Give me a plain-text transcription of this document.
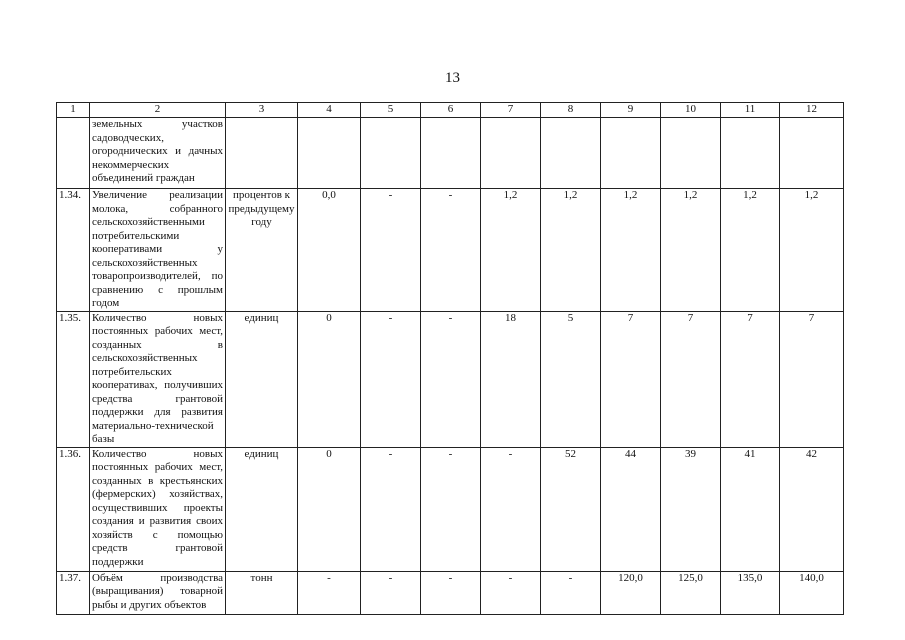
13
1	2	3	4	5	6	7	8	9	10	11	12
	земельных участков садоводческих, огороднических и дачных некоммерческих объединений граждан										
1.34.	Увеличение реализации молока, собранного сельскохозяйственными потребительскими кооперативами у сельскохозяйственных товаропроизводителей, по сравнению с прошлым годом	процентов к предыдущему году	0,0	-	-	1,2	1,2	1,2	1,2	1,2	1,2
1.35.	Количество новых постоянных рабочих мест, созданных в сельскохозяйственных потребительских кооперативах, получивших средства грантовой поддержки для развития материально-технической базы	единиц	0	-	-	18	5	7	7	7	7
1.36.	Количество новых постоянных рабочих мест, созданных в крестьянских (фермерских) хозяйствах, осуществивших проекты создания и развития своих хозяйств с помощью средств грантовой поддержки	единиц	0	-	-	-	52	44	39	41	42
1.37.	Объём производства (выращивания) товарной рыбы и других объектов	тонн	-	-	-	-	-	120,0	125,0	135,0	140,0
